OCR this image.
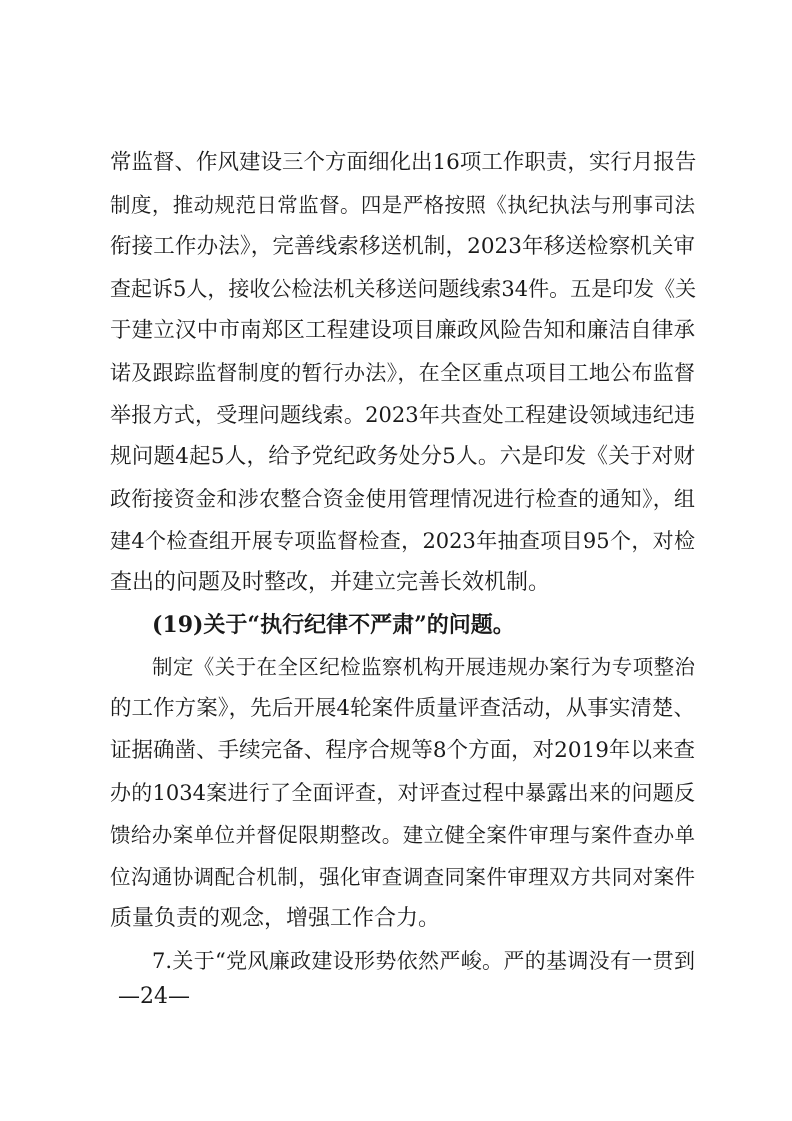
常监督、作风建设三个方面细化出16项工作职责，实行月报告
制度，推动规范日常监督。四是严格按照《执纪执法与刑事司法
衔接工作办法》，完善线索移送机制，2023年移送检察机关审
查起诉5人，接收公检法机关移送问题线索34件。五是印发《关
于建立汉中市南郑区工程建设项目廉政风险告知和廉洁自律承
诺及跟踪监督制度的暂行办法》，在全区重点项目工地公布监督
举报方式，受理问题线索。2023年共查处工程建设领域违纪违
规问题4起5人，给予党纪政务处分5人。六是印发《关于对财
政衔接资金和涉农整合资金使用管理情况进行检查的通知》，组
建4个检查组开展专项监督检查，2023年抽查项目95个，对检
查出的问题及时整改，并建立完善长效机制。
(19)关于“执行纪律不严肃”的问题。
制定《关于在全区纪检监察机构开展违规办案行为专项整治
的工作方案》，先后开展4轮案件质量评查活动，从事实清楚、
证据确凿、手续完备、程序合规等8个方面，对2019年以来查
办的1034案进行了全面评查，对评查过程中暴露出来的问题反
馈给办案单位并督促限期整改。建立健全案件审理与案件查办单
位沟通协调配合机制，强化审查调查同案件审理双方共同对案件
质量负责的观念，增强工作合力。
7.关于“党风廉政建设形势依然严峻。严的基调没有一贯到
—24—
